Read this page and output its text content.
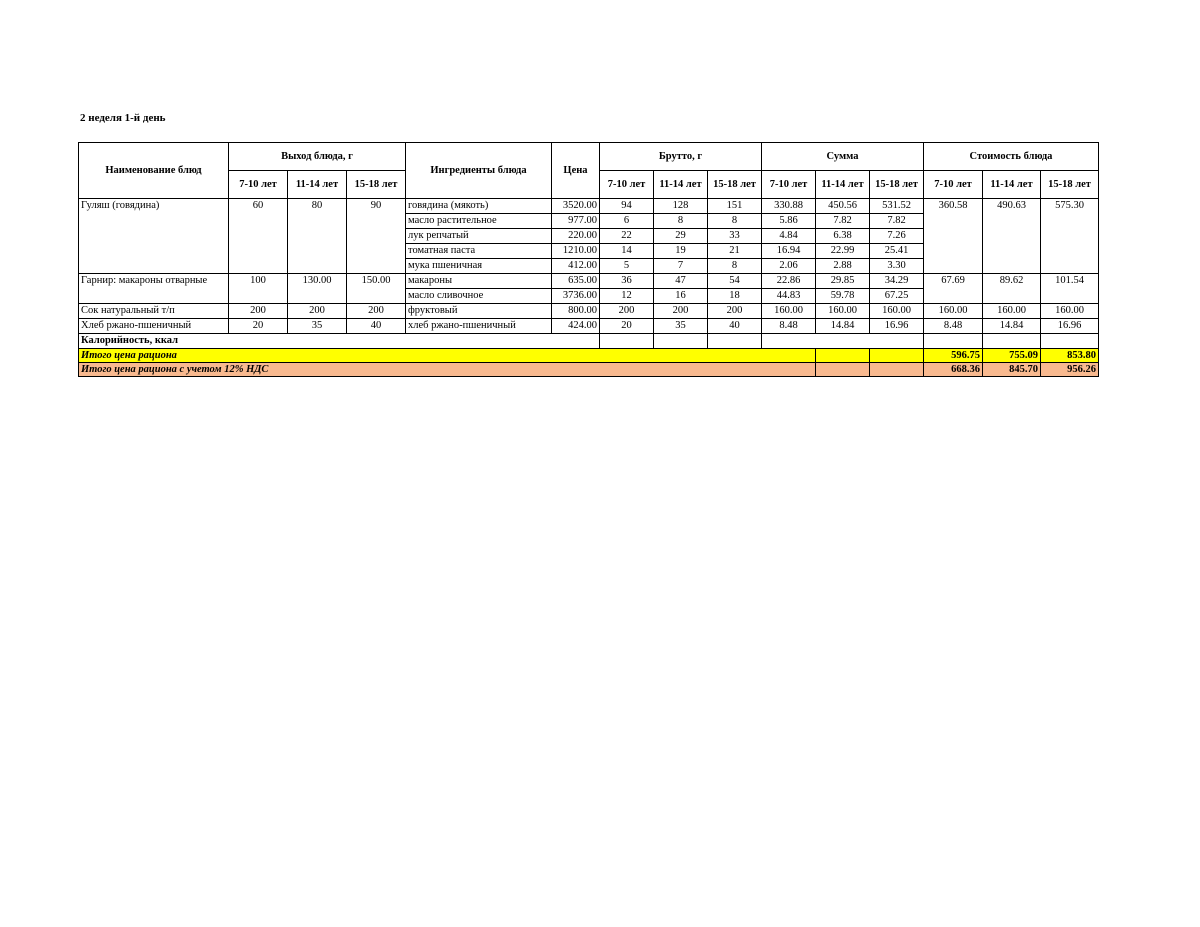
2 неделя 1-й день
Наименование блюд	Выход блюда, г			Ингредиенты блюда	Цена	Брутто, г			Сумма			Стоимость блюда		
	7-10 лет	11-14 лет	15-18 лет			7-10 лет	11-14 лет	15-18 лет	7-10 лет	11-14 лет	15-18 лет	7-10 лет	11-14 лет	15-18 лет
Гуляш (говядина)	60	80	90	говядина (мякоть)	3520.00	94	128	151	330.88	450.56	531.52	360.58	490.63	575.30
				масло растительное	977.00	6	8	8	5.86	7.82	7.82			
				лук репчатый	220.00	22	29	33	4.84	6.38	7.26			
				томатная паста	1210.00	14	19	21	16.94	22.99	25.41			
				мука пшеничная	412.00	5	7	8	2.06	2.88	3.30			
Гарнир: макароны отварные	100	130.00	150.00	макароны	635.00	36	47	54	22.86	29.85	34.29	67.69	89.62	101.54
				масло сливочное	3736.00	12	16	18	44.83	59.78	67.25			
Сок натуральный т/п	200	200	200	фруктовый	800.00	200	200	200	160.00	160.00	160.00	160.00	160.00	160.00
Хлеб ржано-пшеничный	20	35	40	хлеб ржано-пшеничный	424.00	20	35	40	8.48	14.84	16.96	8.48	14.84	16.96
Калорийность, ккал														
Итого цена рациона												596.75	755.09	853.80
Итого цена рациона с учетом 12% НДС												668.36	845.70	956.26
